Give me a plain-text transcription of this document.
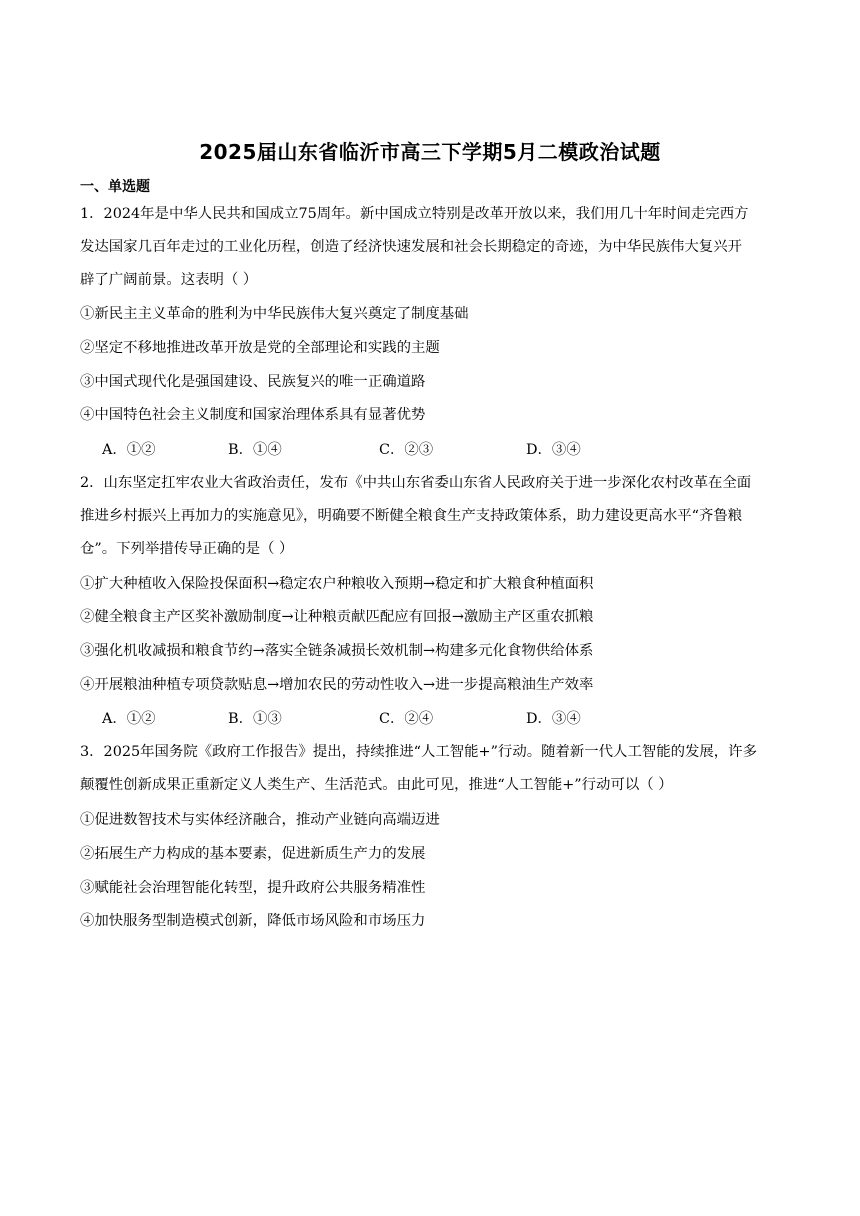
2025届山东省临沂市高三下学期5月二模政治试题
一、单选题
1．2024年是中华人民共和国成立75周年。新中国成立特别是改革开放以来，我们用几十年时间走完西方
发达国家几百年走过的工业化历程，创造了经济快速发展和社会长期稳定的奇迹，为中华民族伟大复兴开
辟了广阔前景。这表明（ ）
①新民主主义革命的胜利为中华民族伟大复兴奠定了制度基础
②坚定不移地推进改革开放是党的全部理论和实践的主题
③中国式现代化是强国建设、民族复兴的唯一正确道路
④中国特色社会主义制度和国家治理体系具有显著优势
A．①②	B．①④	C．②③	D．③④
2．山东坚定扛牢农业大省政治责任，发布《中共山东省委山东省人民政府关于进一步深化农村改革在全面
推进乡村振兴上再加力的实施意见》，明确要不断健全粮食生产支持政策体系，助力建设更高水平“齐鲁粮
仓”。下列举措传导正确的是（ ）
①扩大种植收入保险投保面积→稳定农户种粮收入预期→稳定和扩大粮食种植面积
②健全粮食主产区奖补激励制度→让种粮贡献匹配应有回报→激励主产区重农抓粮
③强化机收减损和粮食节约→落实全链条减损长效机制→构建多元化食物供给体系
④开展粮油种植专项贷款贴息→增加农民的劳动性收入→进一步提高粮油生产效率
A．①②	B．①③	C．②④	D．③④
3．2025年国务院《政府工作报告》提出，持续推进“人工智能+”行动。随着新一代人工智能的发展，许多
颠覆性创新成果正重新定义人类生产、生活范式。由此可见，推进“人工智能+”行动可以（ ）
①促进数智技术与实体经济融合，推动产业链向高端迈进
②拓展生产力构成的基本要素，促进新质生产力的发展
③赋能社会治理智能化转型，提升政府公共服务精准性
④加快服务型制造模式创新，降低市场风险和市场压力
